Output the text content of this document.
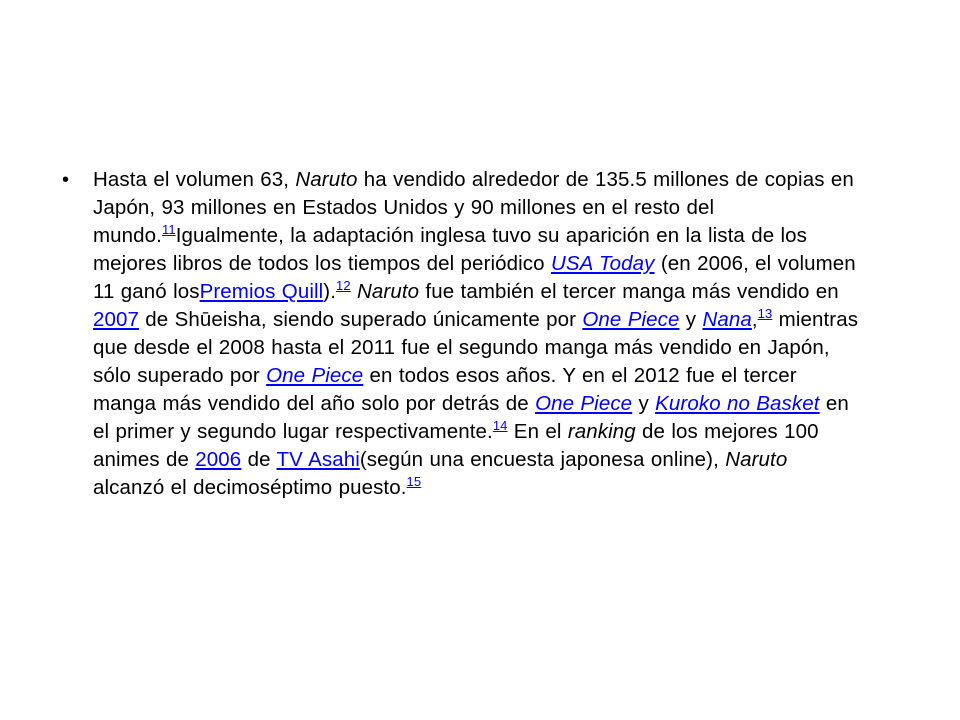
• Hasta el volumen 63, Naruto ha vendido alrededor de 135.5 millones de copias en Japón, 93 millones en Estados Unidos y 90 millones en el resto del mundo.$^{11}$Igualmente, la adaptación inglesa tuvo su aparición en la lista de los mejores libros de todos los tiempos del periódico USA Today (en 2006, el volumen 11 ganó losPremios Quill).$^{12}$ Naruto fue también el tercer manga más vendido en 2007 de Shūeisha, siendo superado únicamente por One Piece y Nana,$^{13}$ mientras que desde el 2008 hasta el 2011 fue el segundo manga más vendido en Japón, sólo superado por One Piece en todos esos años. Y en el 2012 fue el tercer manga más vendido del año solo por detrás de One Piece y Kuroko no Basket en el primer y segundo lugar respectivamente.$^{14}$ En el ranking de los mejores 100 animes de 2006 de TV Asahi(según una encuesta japonesa online), Naruto alcanzó el decimoséptimo puesto.$^{15}$
